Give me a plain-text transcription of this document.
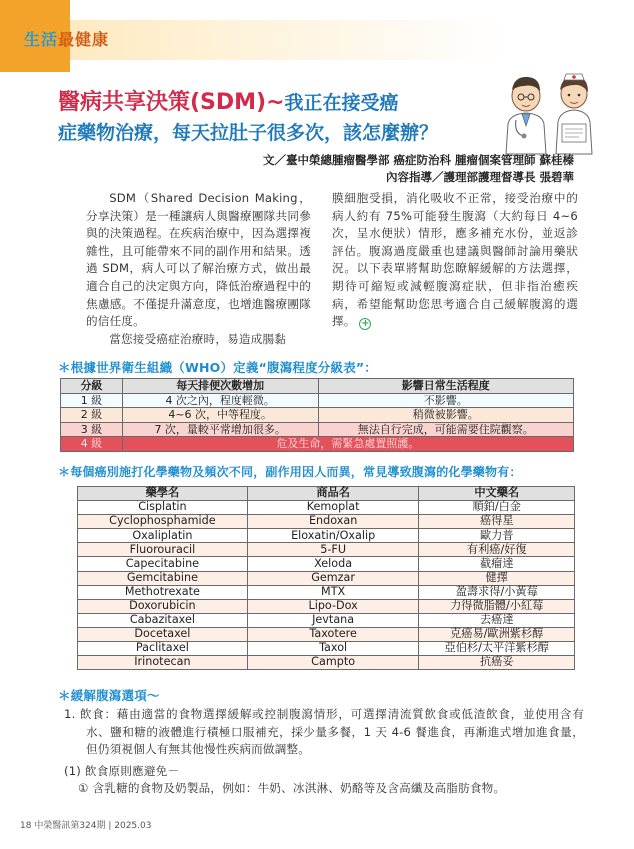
生活最健康
醫病共享決策(SDM)~我正在接受癌
症藥物治療，每天拉肚子很多次，該怎麼辦？
文／臺中榮總腫瘤醫學部 癌症防治科 腫瘤個案管理師 蘇桂榛
內容指導／護理部護理督導長 張碧華

SDM（Shared Decision Making，分享決策）是一種讓病人與醫療團隊共同參與的決策過程。在疾病治療中，因為選擇複雜性，且可能帶來不同的副作用和結果。透過 SDM，病人可以了解治療方式，做出最適合自己的決定與方向，降低治療過程中的焦慮感。不僅提升滿意度，也增進醫療團隊的信任度。

當您接受癌症治療時，易造成腸黏

膜細胞受損，消化吸收不正常，接受治療中的病人約有 75%可能發生腹瀉（大約每日 4~6 次，呈水便狀）情形，應多補充水份，並返診評估。腹瀉過度嚴重也建議與醫師討論用藥狀況。以下表單將幫助您瞭解緩解的方法選擇，期待可縮短或減輕腹瀉症狀，但非指治癒疾病，希望能幫助您思考適合自己緩解腹瀉的選擇。 +

＊根據世界衛生組織（WHO）定義“腹瀉程度分級表”：
分級	每天排便次數增加	影響日常生活程度
1 級	4 次之內，程度輕微。	不影響。
2 級	4~6 次，中等程度。	稍微被影響。
3 級	7 次，量較平常增加很多。	無法自行完成，可能需要住院觀察。
4 級	危及生命，需緊急處置照護。	
＊每個癌別施打化學藥物及頻次不同，副作用因人而異，常見導致腹瀉的化學藥物有：
藥學名	商品名	中文藥名
Cisplatin	Kemoplat	順鉑/白金
Cyclophosphamide	Endoxan	癌得星
Oxaliplatin	Eloxatin/Oxalip	歐力普
Fluorouracil	5-FU	有利癌/好復
Capecitabine	Xeloda	截瘤達
Gemcitabine	Gemzar	健擇
Methotrexate	MTX	盈壽求得/小黃莓
Doxorubicin	Lipo-Dox	力得微脂體/小紅莓
Cabazitaxel	Jevtana	去癌達
Docetaxel	Taxotere	克癌易/歐洲紫杉醇
Paclitaxel	Taxol	亞伯杉/太平洋紫杉醇
Irinotecan	Campto	抗癌妥
＊緩解腹瀉選項～
1. 飲食：藉由適當的食物選擇緩解或控制腹瀉情形，可選擇清流質飲食或低渣飲食，並使用含有水、鹽和糖的液體進行積極口服補充，採少量多餐，1 天 4-6 餐進食，再漸進式增加進食量，但仍須視個人有無其他慢性疾病而做調整。
(1) 飲食原則應避免－
① 含乳糖的食物及奶製品，例如：牛奶、冰淇淋、奶酪等及含高纖及高脂肪食物。
18 中榮醫訊第324期 | 2025.03
